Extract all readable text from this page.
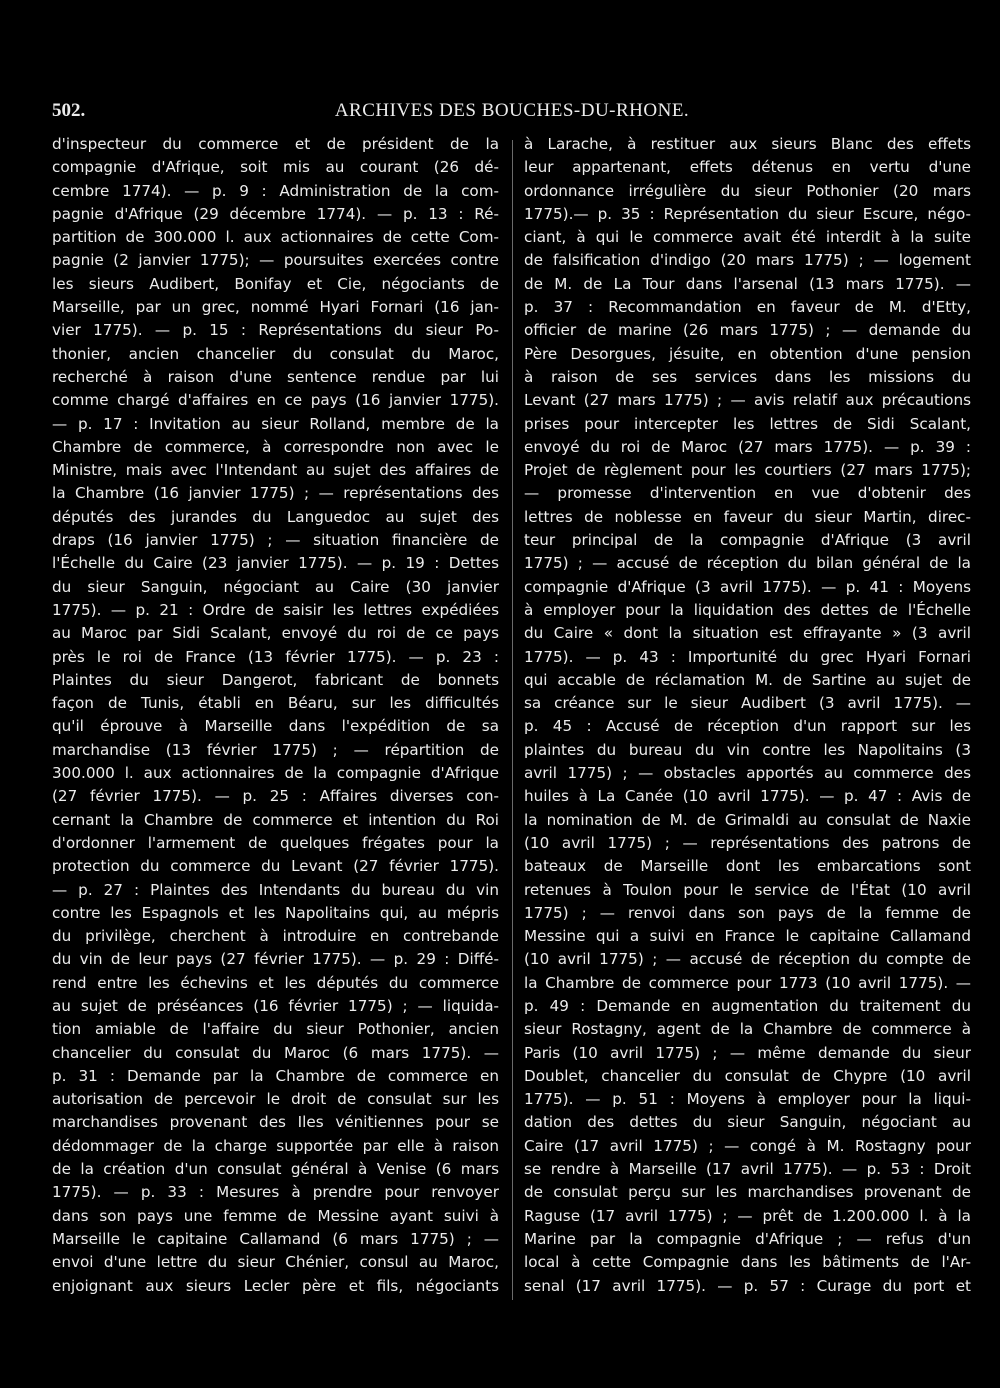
502.	ARCHIVES DES BOUCHES-DU-RHONE.
d'inspecteur du commerce et de président de la
compagnie d'Afrique, soit mis au courant (26 dé-
cembre 1774). — p. 9 : Administration de la com-
pagnie d'Afrique (29 décembre 1774). — p. 13 : Ré-
partition de 300.000 l. aux actionnaires de cette Com-
pagnie (2 janvier 1775); — poursuites exercées contre
les sieurs Audibert, Bonifay et Cie, négociants de
Marseille, par un grec, nommé Hyari Fornari (16 jan-
vier 1775). — p. 15 : Représentations du sieur Po-
thonier, ancien chancelier du consulat du Maroc,
recherché à raison d'une sentence rendue par lui
comme chargé d'affaires en ce pays (16 janvier 1775).
— p. 17 : Invitation au sieur Rolland, membre de la
Chambre de commerce, à correspondre non avec le
Ministre, mais avec l'Intendant au sujet des affaires de
la Chambre (16 janvier 1775) ; — représentations des
députés des jurandes du Languedoc au sujet des
draps (16 janvier 1775) ; — situation financière de
l'Échelle du Caire (23 janvier 1775). — p. 19 : Dettes
du sieur Sanguin, négociant au Caire (30 janvier
1775). — p. 21 : Ordre de saisir les lettres expédiées
au Maroc par Sidi Scalant, envoyé du roi de ce pays
près le roi de France (13 février 1775). — p. 23 :
Plaintes du sieur Dangerot, fabricant de bonnets
façon de Tunis, établi en Béaru, sur les difficultés
qu'il éprouve à Marseille dans l'expédition de sa
marchandise (13 février 1775) ; — répartition de
300.000 l. aux actionnaires de la compagnie d'Afrique
(27 février 1775). — p. 25 : Affaires diverses con-
cernant la Chambre de commerce et intention du Roi
d'ordonner l'armement de quelques frégates pour la
protection du commerce du Levant (27 février 1775).
— p. 27 : Plaintes des Intendants du bureau du vin
contre les Espagnols et les Napolitains qui, au mépris
du privilège, cherchent à introduire en contrebande
du vin de leur pays (27 février 1775). — p. 29 : Diffé-
rend entre les échevins et les députés du commerce
au sujet de préséances (16 février 1775) ; — liquida-
tion amiable de l'affaire du sieur Pothonier, ancien
chancelier du consulat du Maroc (6 mars 1775). —
p. 31 : Demande par la Chambre de commerce en
autorisation de percevoir le droit de consulat sur les
marchandises provenant des Iles vénitiennes pour se
dédommager de la charge supportée par elle à raison
de la création d'un consulat général à Venise (6 mars
1775). — p. 33 : Mesures à prendre pour renvoyer
dans son pays une femme de Messine ayant suivi à
Marseille le capitaine Callamand (6 mars 1775) ; —
envoi d'une lettre du sieur Chénier, consul au Maroc,
enjoignant aux sieurs Lecler père et fils, négociants
à Larache, à restituer aux sieurs Blanc des effets
leur appartenant, effets détenus en vertu d'une
ordonnance irrégulière du sieur Pothonier (20 mars
1775).— p. 35 : Représentation du sieur Escure, négo-
ciant, à qui le commerce avait été interdit à la suite
de falsification d'indigo (20 mars 1775) ; — logement
de M. de La Tour dans l'arsenal (13 mars 1775). —
p. 37 : Recommandation en faveur de M. d'Etty,
officier de marine (26 mars 1775) ; — demande du
Père Desorgues, jésuite, en obtention d'une pension
à raison de ses services dans les missions du
Levant (27 mars 1775) ; — avis relatif aux précautions
prises pour intercepter les lettres de Sidi Scalant,
envoyé du roi de Maroc (27 mars 1775). — p. 39 :
Projet de règlement pour les courtiers (27 mars 1775);
— promesse d'intervention en vue d'obtenir des
lettres de noblesse en faveur du sieur Martin, direc-
teur principal de la compagnie d'Afrique (3 avril
1775) ; — accusé de réception du bilan général de la
compagnie d'Afrique (3 avril 1775). — p. 41 : Moyens
à employer pour la liquidation des dettes de l'Échelle
du Caire « dont la situation est effrayante » (3 avril
1775). — p. 43 : Importunité du grec Hyari Fornari
qui accable de réclamation M. de Sartine au sujet de
sa créance sur le sieur Audibert (3 avril 1775). —
p. 45 : Accusé de réception d'un rapport sur les
plaintes du bureau du vin contre les Napolitains (3
avril 1775) ; — obstacles apportés au commerce des
huiles à La Canée (10 avril 1775). — p. 47 : Avis de
la nomination de M. de Grimaldi au consulat de Naxie
(10 avril 1775) ; — représentations des patrons de
bateaux de Marseille dont les embarcations sont
retenues à Toulon pour le service de l'État (10 avril
1775) ; — renvoi dans son pays de la femme de
Messine qui a suivi en France le capitaine Callamand
(10 avril 1775) ; — accusé de réception du compte de
la Chambre de commerce pour 1773 (10 avril 1775). —
p. 49 : Demande en augmentation du traitement du
sieur Rostagny, agent de la Chambre de commerce à
Paris (10 avril 1775) ; — même demande du sieur
Doublet, chancelier du consulat de Chypre (10 avril
1775). — p. 51 : Moyens à employer pour la liqui-
dation des dettes du sieur Sanguin, négociant au
Caire (17 avril 1775) ; — congé à M. Rostagny pour
se rendre à Marseille (17 avril 1775). — p. 53 : Droit
de consulat perçu sur les marchandises provenant de
Raguse (17 avril 1775) ; — prêt de 1.200.000 l. à la
Marine par la compagnie d'Afrique ; — refus d'un
local à cette Compagnie dans les bâtiments de l'Ar-
senal (17 avril 1775). — p. 57 : Curage du port et
